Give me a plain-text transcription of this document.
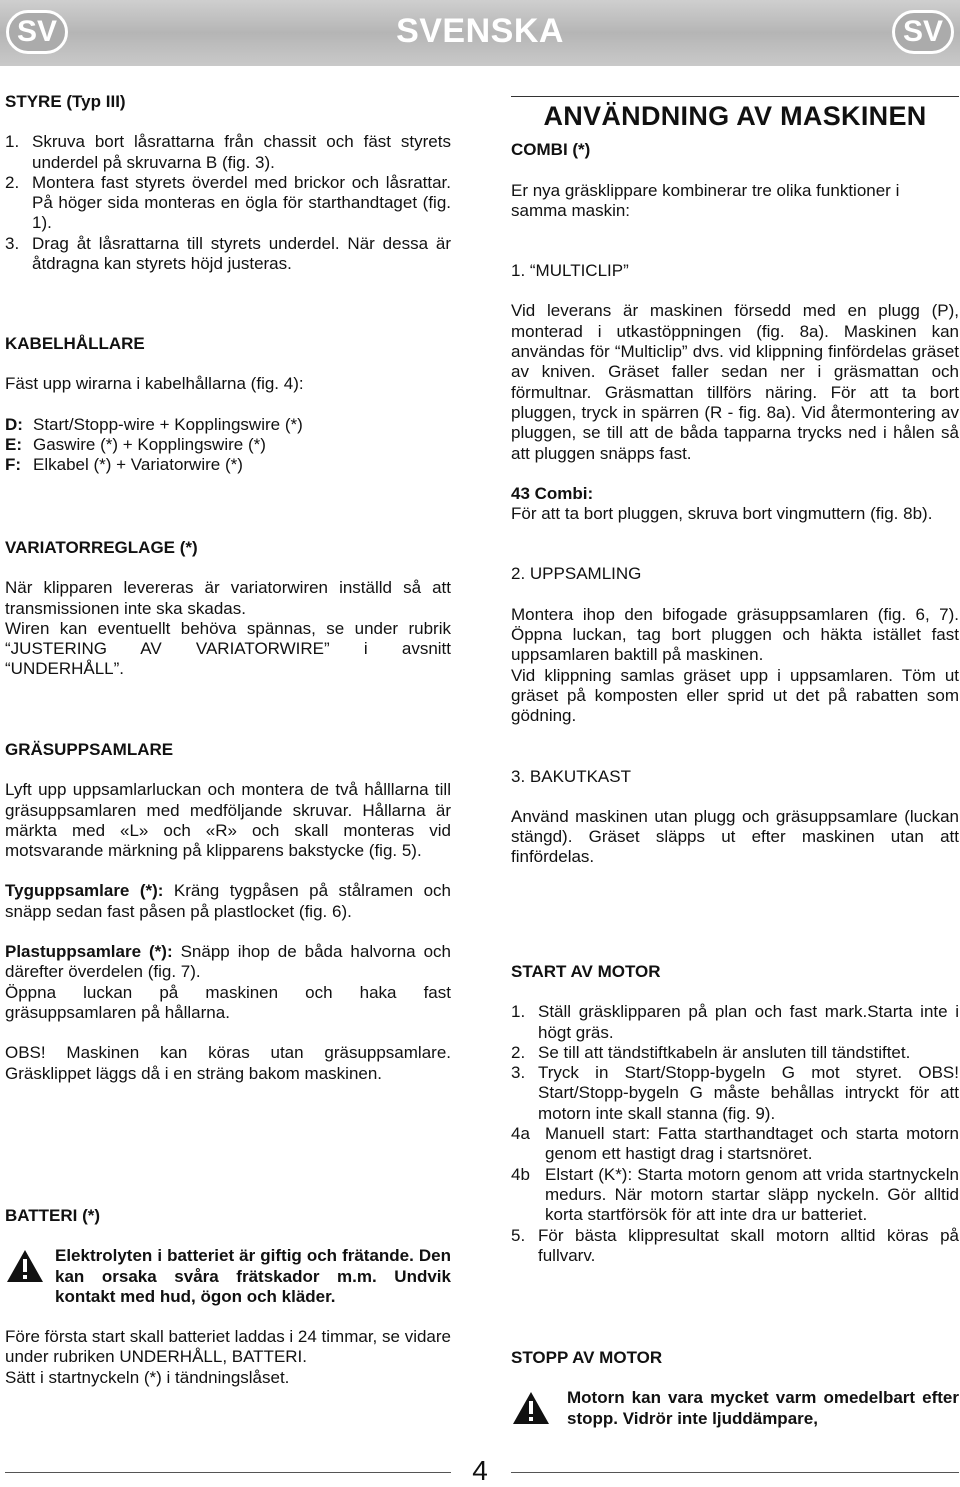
SV	SVENSKA	SV

STYRE (Typ III)

1. Skruva bort låsrattarna från chassit och fäst styrets underdel på skruvarna B (fig. 3).
2. Montera fast styrets överdel med brickor och låsrattar. På höger sida monteras en ögla för starthandtaget (fig. 1).
3. Drag åt låsrattarna till styrets underdel. När dessa är åtdragna kan styrets höjd justeras.

KABELHÅLLARE

Fäst upp wirarna i kabelhållarna (fig. 4):

D: Start/Stopp-wire + Kopplingswire (*)
E: Gaswire (*) + Kopplingswire (*)
F: Elkabel (*) + Variatorwire (*)

VARIATORREGLAGE (*)

När klipparen levereras är variatorwiren inställd så att transmissionen inte ska skadas.

Wiren kan eventuellt behöva spännas, se under rubrik “JUSTERING AV VARIATORWIRE” i avsnitt “UNDERHÅLL”.

GRÄSUPPSAMLARE

Lyft upp uppsamlarluckan och montera de två hålllarna till gräsuppsamlaren med medföljande skruvar. Hållarna är märkta med «L» och «R» och skall monteras vid motsvarande märkning på klipparens bakstycke (fig. 5).

Tyguppsamlare (*): Kräng tygpåsen på stålramen och snäpp sedan fast påsen på plastlocket (fig. 6).

Plastuppsamlare (*): Snäpp ihop de båda halvorna och därefter överdelen (fig. 7).

Öppna luckan på maskinen och haka fast gräsuppsamlaren på hållarna.

OBS! Maskinen kan köras utan gräsuppsamlare. Gräsklippet läggs då i en sträng bakom maskinen.

BATTERI (*)

Elektrolyten i batteriet är giftig och frätande. Den kan orsaka svåra frätskador m.m. Undvik kontakt med hud, ögon och kläder.

Före första start skall batteriet laddas i 24 timmar, se vidare under rubriken UNDERHÅLL, BATTERI.

Sätt i startnyckeln (*) i tändningslåset.

ANVÄNDNING AV MASKINEN

COMBI (*)

Er nya gräsklippare kombinerar tre olika funktioner i samma maskin:

1. “MULTICLIP”

Vid leverans är maskinen försedd med en plugg (P), monterad i utkastöppningen (fig. 8a). Maskinen kan användas för “Multiclip” dvs. vid klippning finfördelas gräset av kniven. Gräset faller sedan ner i gräsmattan och förmultnar. Gräsmattan tillförs näring. För att ta bort pluggen, tryck in spärren (R - fig. 8a). Vid återmontering av pluggen, se till att de båda tapparna trycks ned i hålen så att pluggen snäpps fast.

43 Combi:

För att ta bort pluggen, skruva bort vingmuttern (fig. 8b).

2. UPPSAMLING

Montera ihop den bifogade gräsuppsamlaren (fig. 6, 7). Öppna luckan, tag bort pluggen och häkta istället fast uppsamlaren baktill på maskinen.

Vid klippning samlas gräset upp i uppsamlaren. Töm ut gräset på komposten eller sprid ut det på rabatten som gödning.

3. BAKUTKAST

Använd maskinen utan plugg och gräsuppsamlare (luckan stängd). Gräset släpps ut efter maskinen utan att finfördelas.

START AV MOTOR

1. Ställ gräsklipparen på plan och fast mark.Starta inte i högt gräs.
2. Se till att tändstiftkabeln är ansluten till tändstiftet.
3. Tryck in Start/Stopp-bygeln G mot styret. OBS! Start/Stopp-bygeln G måste behållas intryckt för att motorn inte skall stanna (fig. 9).
4a Manuell start: Fatta starthandtaget och starta motorn genom ett hastigt drag i startsnöret.
4b Elstart (K*): Starta motorn genom att vrida startnyckeln medurs. När motorn startar släpp nyckeln. Gör alltid korta startförsök för att inte dra ur batteriet.
5. För bästa klippresultat skall motorn alltid köras på fullvarv.

STOPP AV MOTOR

Motorn kan vara mycket varm omedelbart efter stopp. Vidrör inte ljuddämpare,

4
